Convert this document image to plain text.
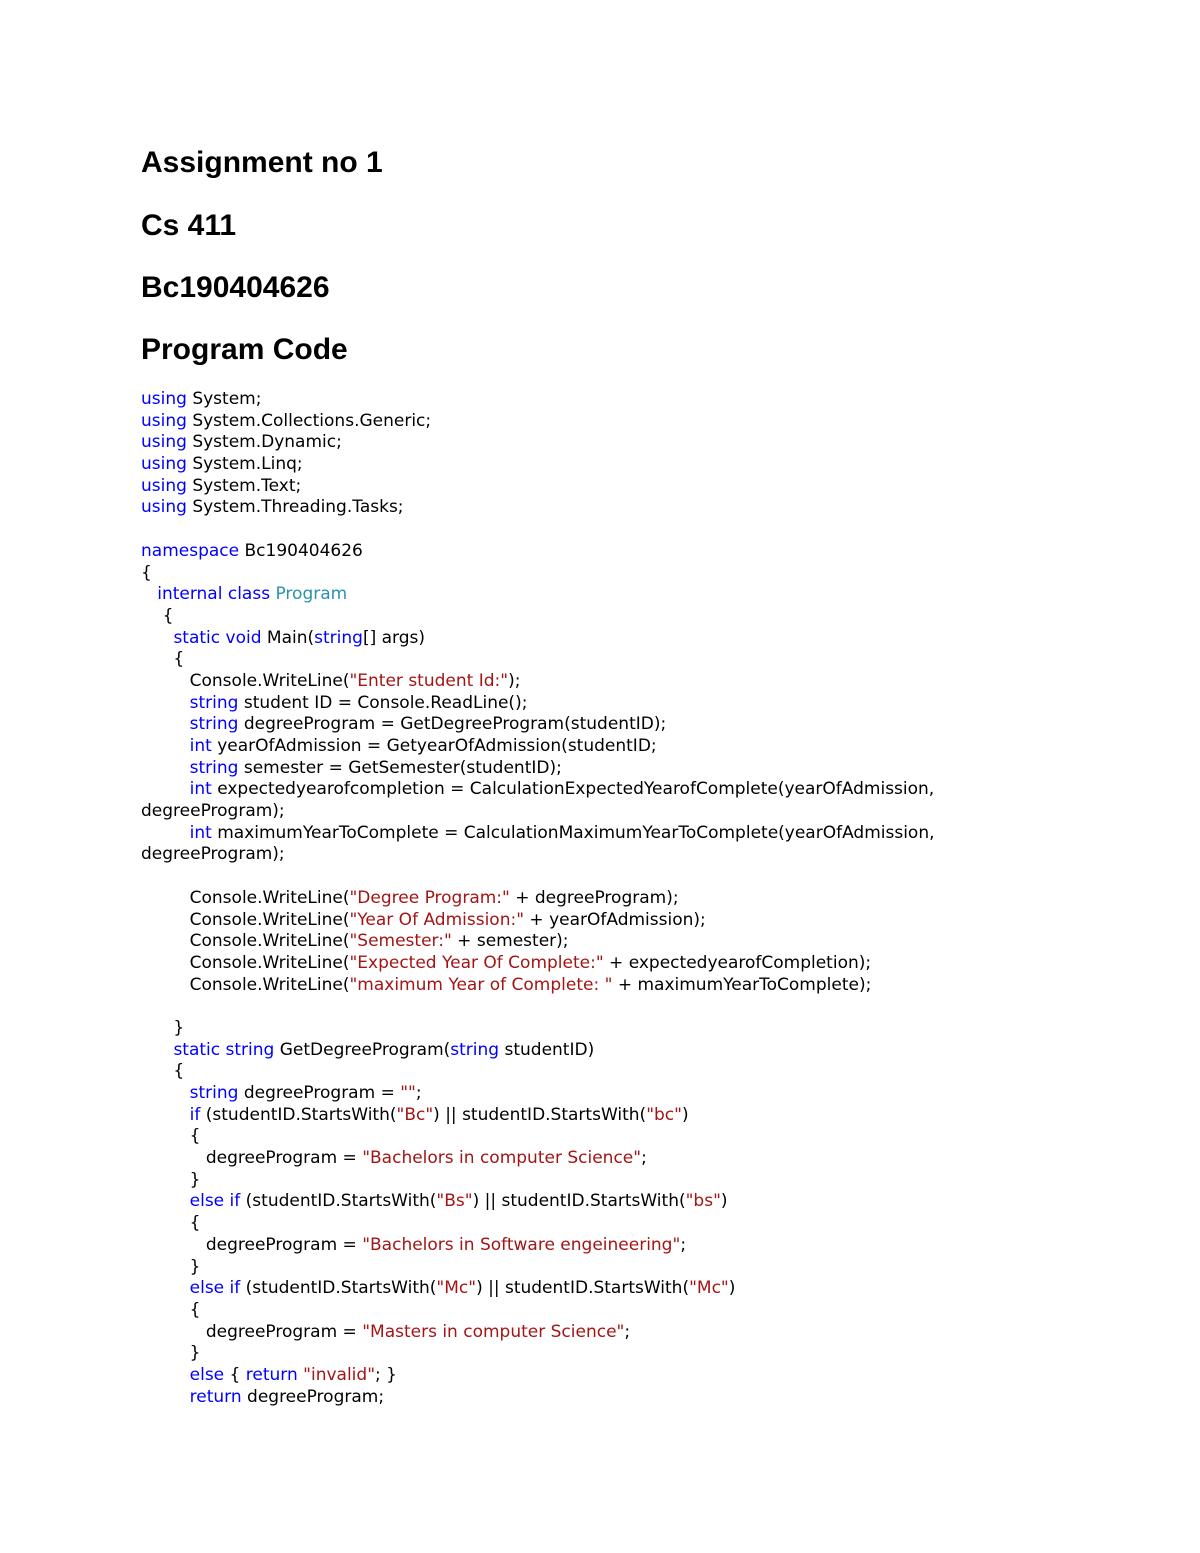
Assignment no 1
Cs 411
Bc190404626
Program Code
using System;
using System.Collections.Generic;
using System.Dynamic;
using System.Linq;
using System.Text;
using System.Threading.Tasks;

namespace Bc190404626
{
internal class Program
{
static void Main(string[] args)
{
Console.WriteLine("Enter student Id:");
string student ID = Console.ReadLine();
string degreeProgram = GetDegreeProgram(studentID);
int yearOfAdmission = GetyearOfAdmission(studentID;
string semester = GetSemester(studentID);
int expectedyearofcompletion = CalculationExpectedYearofComplete(yearOfAdmission,
degreeProgram);
int maximumYearToComplete = CalculationMaximumYearToComplete(yearOfAdmission,
degreeProgram);

Console.WriteLine("Degree Program:" + degreeProgram);
Console.WriteLine("Year Of Admission:" + yearOfAdmission);
Console.WriteLine("Semester:" + semester);
Console.WriteLine("Expected Year Of Complete:" + expectedyearofCompletion);
Console.WriteLine("maximum Year of Complete: " + maximumYearToComplete);

}
static string GetDegreeProgram(string studentID)
{
string degreeProgram = "";
if (studentID.StartsWith("Bc") || studentID.StartsWith("bc")
{
degreeProgram = "Bachelors in computer Science";
}
else if (studentID.StartsWith("Bs") || studentID.StartsWith("bs")
{
degreeProgram = "Bachelors in Software engeineering";
}
else if (studentID.StartsWith("Mc") || studentID.StartsWith("Mc")
{
degreeProgram = "Masters in computer Science";
}
else { return "invalid"; }
return degreeProgram;
